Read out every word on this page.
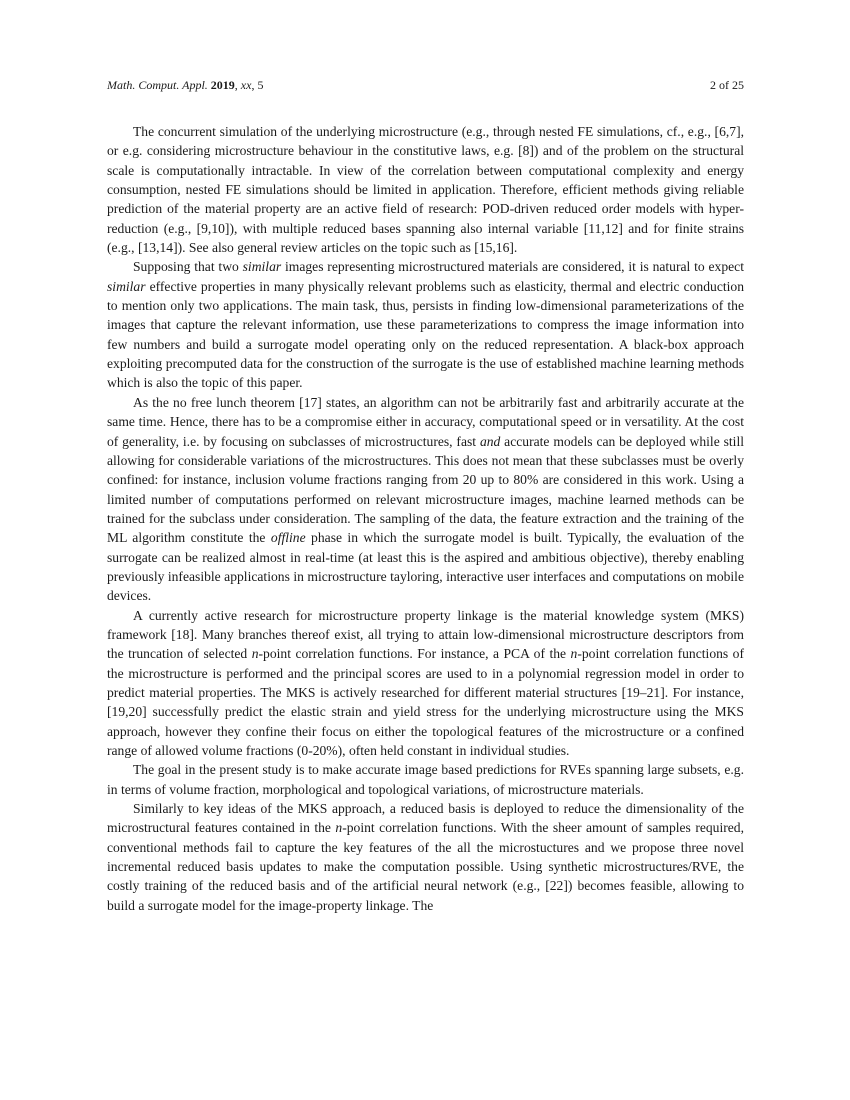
Math. Comput. Appl. 2019, xx, 5	2 of 25

The concurrent simulation of the underlying microstructure (e.g., through nested FE simulations, cf., e.g., [6,7], or e.g. considering microstructure behaviour in the constitutive laws, e.g. [8]) and of the problem on the structural scale is computationally intractable. In view of the correlation between computational complexity and energy consumption, nested FE simulations should be limited in application. Therefore, efficient methods giving reliable prediction of the material property are an active field of research: POD-driven reduced order models with hyper-reduction (e.g., [9,10]), with multiple reduced bases spanning also internal variable [11,12] and for finite strains (e.g., [13,14]). See also general review articles on the topic such as [15,16].

Supposing that two similar images representing microstructured materials are considered, it is natural to expect similar effective properties in many physically relevant problems such as elasticity, thermal and electric conduction to mention only two applications. The main task, thus, persists in finding low-dimensional parameterizations of the images that capture the relevant information, use these parameterizations to compress the image information into few numbers and build a surrogate model operating only on the reduced representation. A black-box approach exploiting precomputed data for the construction of the surrogate is the use of established machine learning methods which is also the topic of this paper.

As the no free lunch theorem [17] states, an algorithm can not be arbitrarily fast and arbitrarily accurate at the same time. Hence, there has to be a compromise either in accuracy, computational speed or in versatility. At the cost of generality, i.e. by focusing on subclasses of microstructures, fast and accurate models can be deployed while still allowing for considerable variations of the microstructures. This does not mean that these subclasses must be overly confined: for instance, inclusion volume fractions ranging from 20 up to 80% are considered in this work. Using a limited number of computations performed on relevant microstructure images, machine learned methods can be trained for the subclass under consideration. The sampling of the data, the feature extraction and the training of the ML algorithm constitute the offline phase in which the surrogate model is built. Typically, the evaluation of the surrogate can be realized almost in real-time (at least this is the aspired and ambitious objective), thereby enabling previously infeasible applications in microstructure tayloring, interactive user interfaces and computations on mobile devices.

A currently active research for microstructure property linkage is the material knowledge system (MKS) framework [18]. Many branches thereof exist, all trying to attain low-dimensional microstructure descriptors from the truncation of selected n-point correlation functions. For instance, a PCA of the n-point correlation functions of the microstructure is performed and the principal scores are used to in a polynomial regression model in order to predict material properties. The MKS is actively researched for different material structures [19–21]. For instance, [19,20] successfully predict the elastic strain and yield stress for the underlying microstructure using the MKS approach, however they confine their focus on either the topological features of the microstructure or a confined range of allowed volume fractions (0-20%), often held constant in individual studies.

The goal in the present study is to make accurate image based predictions for RVEs spanning large subsets, e.g. in terms of volume fraction, morphological and topological variations, of microstructure materials.

Similarly to key ideas of the MKS approach, a reduced basis is deployed to reduce the dimensionality of the microstructural features contained in the n-point correlation functions. With the sheer amount of samples required, conventional methods fail to capture the key features of the all the microstuctures and we propose three novel incremental reduced basis updates to make the computation possible. Using synthetic microstructures/RVE, the costly training of the reduced basis and of the artificial neural network (e.g., [22]) becomes feasible, allowing to build a surrogate model for the image-property linkage. The
